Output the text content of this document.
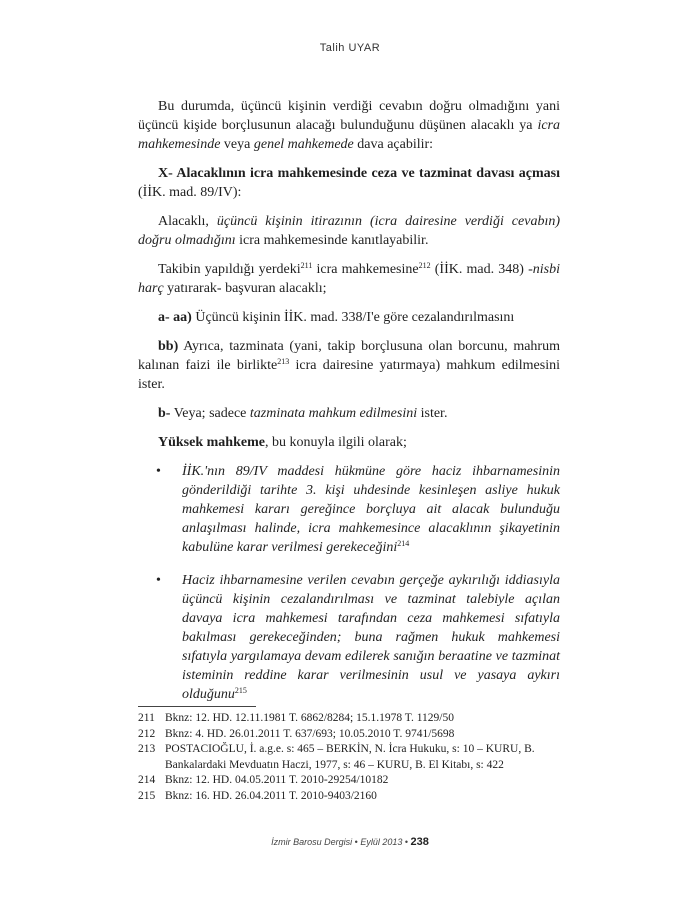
Talih UYAR

Bu durumda, üçüncü kişinin verdiği cevabın doğru olmadığını yani üçüncü kişide borçlusunun alacağı bulunduğunu düşünen alacaklı ya icra mahkemesinde veya genel mahkemede dava açabilir:

X- Alacaklının icra mahkemesinde ceza ve tazminat davası açması (İİK. mad. 89/IV):

Alacaklı, üçüncü kişinin itirazının (icra dairesine verdiği cevabın) doğru olmadığını icra mahkemesinde kanıtlayabilir.

Takibin yapıldığı yerdeki$^{211}$ icra mahkemesine$^{212}$ (İİK. mad. 348) -nisbi harç yatırarak- başvuran alacaklı;

a- aa) Üçüncü kişinin İİK. mad. 338/I'e göre cezalandırılmasını

bb) Ayrıca, tazminata (yani, takip borçlusuna olan borcunu, mahrum kalınan faizi ile birlikte$^{213}$ icra dairesine yatırmaya) mahkum edilmesini ister.

b- Veya; sadece tazminata mahkum edilmesini ister.

Yüksek mahkeme, bu konuyla ilgili olarak;

• İİK.'nın 89/IV maddesi hükmüne göre haciz ihbarnamesinin gönderildiği tarihte 3. kişi uhdesinde kesinleşen asliye hukuk mahkemesi kararı gereğince borçluya ait alacak bulunduğu anlaşılması halinde, icra mahkemesince alacaklının şikayetinin kabulüne karar verilmesi gerekeceğini$^{214}$
• Haciz ihbarnamesine verilen cevabın gerçeğe aykırılığı iddiasıyla üçüncü kişinin cezalandırılması ve tazminat talebiyle açılan davaya icra mahkemesi tarafından ceza mahkemesi sıfatıyla bakılması gerekeceğinden; buna rağmen hukuk mahkemesi sıfatıyla yargılamaya devam edilerek sanığın beraatine ve tazminat isteminin reddine karar verilmesinin usul ve yasaya aykırı olduğunu$^{215}$
211 Bknz: 12. HD. 12.11.1981 T. 6862/8284; 15.1.1978 T. 1129/50
212 Bknz: 4. HD. 26.01.2011 T. 637/693; 10.05.2010 T. 9741/5698
213 POSTACIOĞLU, İ. a.g.e. s: 465 – BERKİN, N. İcra Hukuku, s: 10 – KURU, B. Bankalardaki Mevduatın Haczi, 1977, s: 46 – KURU, B. El Kitabı, s: 422
214 Bknz: 12. HD. 04.05.2011 T. 2010-29254/10182
215 Bknz: 16. HD. 26.04.2011 T. 2010-9403/2160
İzmir Barosu Dergisi • Eylül 2013 • 238
